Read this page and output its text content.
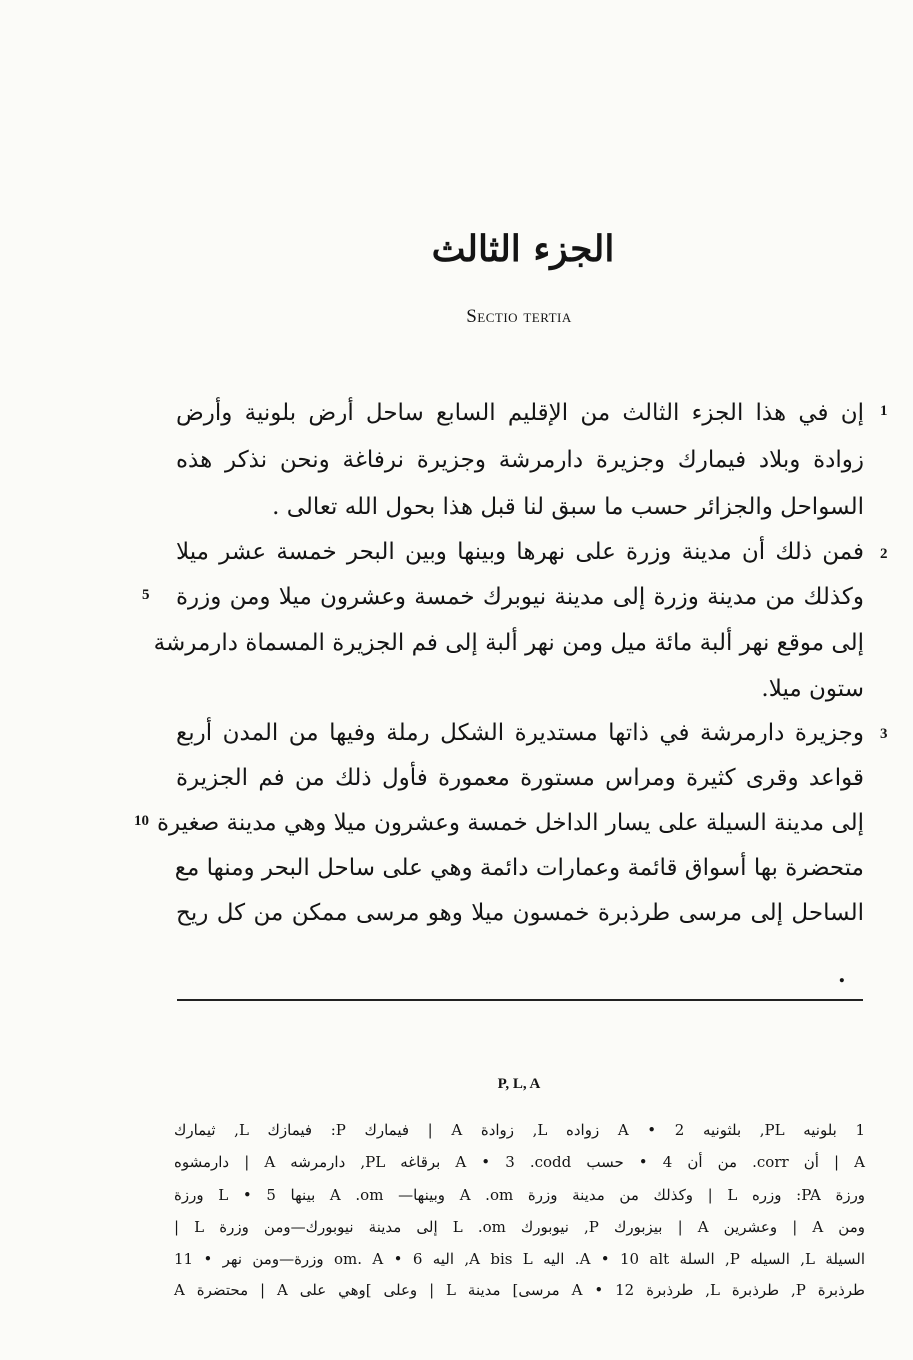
الجزء الثالث
Sectio tertia
1
إن في هذا الجزء الثالث من الإقليم السابع ساحل أرض بلونية وأرض
زوادة وبلاد فيمارك وجزيرة دارمرشة وجزيرة نرفاغة ونحن نذكر هذه
السواحل والجزائر حسب ما سبق لنا قبل هذا بحول الله تعالى .
2
فمن ذلك أن مدينة وزرة على نهرها وبينها وبين البحر خمسة عشر ميلا
5 وكذلك من مدينة وزرة إلى مدينة نيوبرك خمسة وعشرون ميلا ومن وزرة
إلى موقع نهر ألبة مائة ميل ومن نهر ألبة إلى فم الجزيرة المسماة دارمرشة
ستون ميلا.
3
وجزيرة دارمرشة في ذاتها مستديرة الشكل رملة وفيها من المدن أربع
قواعد وقرى كثيرة ومراس مستورة معمورة فأول ذلك من فم الجزيرة
10 إلى مدينة السيلة على يسار الداخل خمسة وعشرون ميلا وهي مدينة صغيرة
متحضرة بها أسواق قائمة وعمارات دائمة وهي على ساحل البحر ومنها مع
الساحل إلى مرسى طرذبرة خمسون ميلا وهو مرسى ممكن من كل ريح
.
P, L, A
1 بلونيه PL, بلثونيه A • 2 زواده L, زوادة A | فيمارك P: فيمازك L, ثيمارك
A | أن corr. من أن 4 • حسب A • 3 .codd برقاغه PL, دارمرشه A | دارمشوه
ورزة PA: وزره L | وكذلك من مدينة وزرة A .om وبينها— A .om بينها L • 5 ورزة
ومن A | وعشرين A | بيزبورك P, نيوبورك L .om إلى مدينة نيوبورك—ومن وزرة L |
السيلة L, السيله P, السلة A • 10 alt. اليه A bis L, اليه 6 • om. A وزرة—ومن نهر • 11
طرذبرة P, طرذبرة L, طرذبرة A • 12 مرسى] مدينة L | وعلى ]وهي على A | محتضرة A
